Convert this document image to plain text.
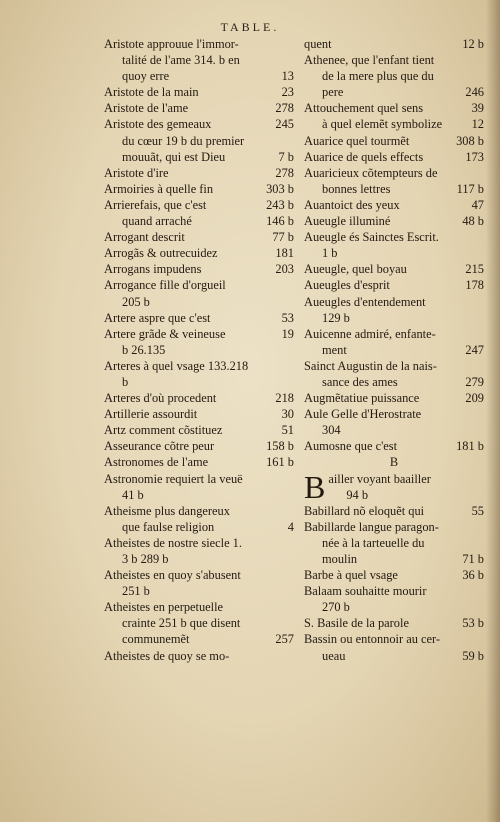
TABLE.
Aristote approuue l'immor-
talité de l'ame 314. b en
quoy erre	13
Aristote de la main	23
Aristote de l'ame	278
Aristote des gemeaux	245
du cœur 19 b du premier
mouuãt, qui est Dieu	7 b
Aristote d'ire	278
Armoiries à quelle fin	303 b
Arrierefais, que c'est	243 b
quand arraché	146 b
Arrogant descrit	77 b
Arrogãs & outrecuidez	181
Arrogans impudens	203
Arrogance fille d'orgueil
205 b
Artere aspre que c'est	53
Artere grãde & veineuse	19
b 26.135
Arteres à quel vsage 133.218
b
Arteres d'où procedent	218
Artillerie assourdit	30
Artz comment cõstituez	51
Asseurance cõtre peur	158 b
Astronomes de l'ame	161 b
Astronomie requiert la veuë
41 b
Atheisme plus dangereux
que faulse religion	4
Atheistes de nostre siecle 1.
3 b 289 b
Atheistes en quoy s'abusent
251 b
Atheistes en perpetuelle
crainte 251 b que disent
communemẽt	257
Atheistes de quoy se mo-
quent	12 b
Athenee, que l'enfant tient
de la mere plus que du
pere	246
Attouchement quel sens	39
à quel elemẽt symbolize	12
Auarice quel tourmẽt	308 b
Auarice de quels effects	173
Auaricieux cõtempteurs de
bonnes lettres	117 b
Auantoict des yeux	47
Aueugle illuminé	48 b
Aueugle és Sainctes Escrit.
1 b
Aueugle, quel boyau	215
Aueugles d'esprit	178
Aueugles d'entendement
129 b
Auicenne admiré, enfante-
ment	247
Sainct Augustin de la nais-
sance des ames	279
Augmẽtatiue puissance	209
Aule Gelle d'Herostrate
304
Aumosne que c'est	181 b
B
B ailler voyant baailler
94 b
Babillard nõ eloquẽt qui	55
Babillarde langue paragon-
née à la tarteuelle du
moulin	71 b
Barbe à quel vsage	36 b
Balaam souhaitte mourir
270 b
S. Basile de la parole	53 b
Bassin ou entonnoir au cer-
ueau	59 b
